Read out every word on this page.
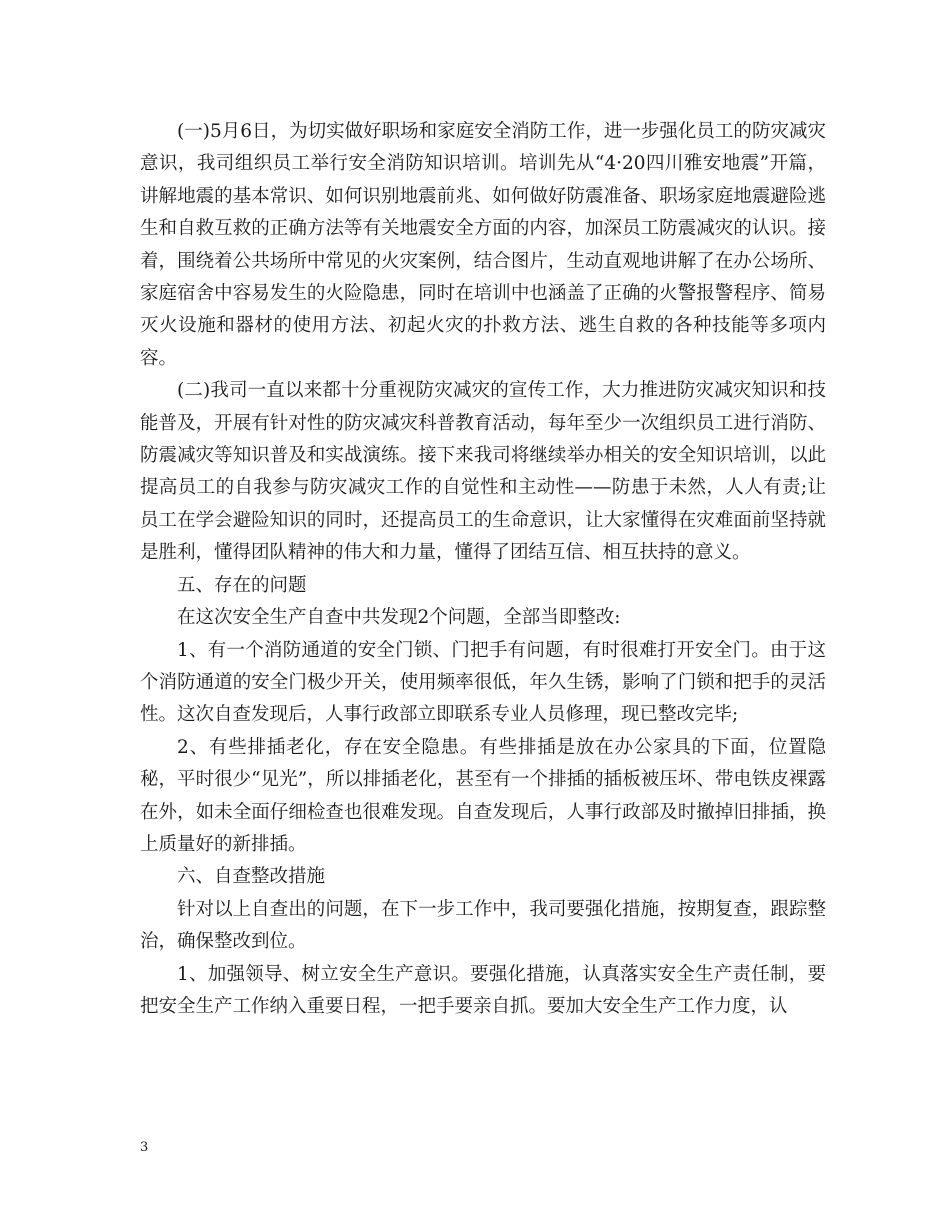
(一)5月6日，为切实做好职场和家庭安全消防工作，进一步强化员工的防灾减灾意识，我司组织员工举行安全消防知识培训。培训先从“4·20四川雅安地震”开篇，讲解地震的基本常识、如何识别地震前兆、如何做好防震准备、职场家庭地震避险逃生和自救互救的正确方法等有关地震安全方面的内容，加深员工防震减灾的认识。接着，围绕着公共场所中常见的火灾案例，结合图片，生动直观地讲解了在办公场所、家庭宿舍中容易发生的火险隐患，同时在培训中也涵盖了正确的火警报警程序、简易灭火设施和器材的使用方法、初起火灾的扑救方法、逃生自救的各种技能等多项内容。

(二)我司一直以来都十分重视防灾减灾的宣传工作，大力推进防灾减灾知识和技能普及，开展有针对性的防灾减灾科普教育活动，每年至少一次组织员工进行消防、防震减灾等知识普及和实战演练。接下来我司将继续举办相关的安全知识培训，以此提高员工的自我参与防灾减灾工作的自觉性和主动性——防患于未然，人人有责;让员工在学会避险知识的同时，还提高员工的生命意识，让大家懂得在灾难面前坚持就是胜利，懂得团队精神的伟大和力量，懂得了团结互信、相互扶持的意义。

五、存在的问题

在这次安全生产自查中共发现2个问题，全部当即整改:

1、有一个消防通道的安全门锁、门把手有问题，有时很难打开安全门。由于这个消防通道的安全门极少开关，使用频率很低，年久生锈，影响了门锁和把手的灵活性。这次自查发现后，人事行政部立即联系专业人员修理，现已整改完毕;

2、有些排插老化，存在安全隐患。有些排插是放在办公家具的下面，位置隐秘，平时很少“见光”，所以排插老化，甚至有一个排插的插板被压坏、带电铁皮裸露在外，如未全面仔细检查也很难发现。自查发现后，人事行政部及时撤掉旧排插，换上质量好的新排插。

六、自查整改措施

针对以上自查出的问题，在下一步工作中，我司要强化措施，按期复查，跟踪整治，确保整改到位。

1、加强领导、树立安全生产意识。要强化措施，认真落实安全生产责任制，要把安全生产工作纳入重要日程，一把手要亲自抓。要加大安全生产工作力度，认

3
